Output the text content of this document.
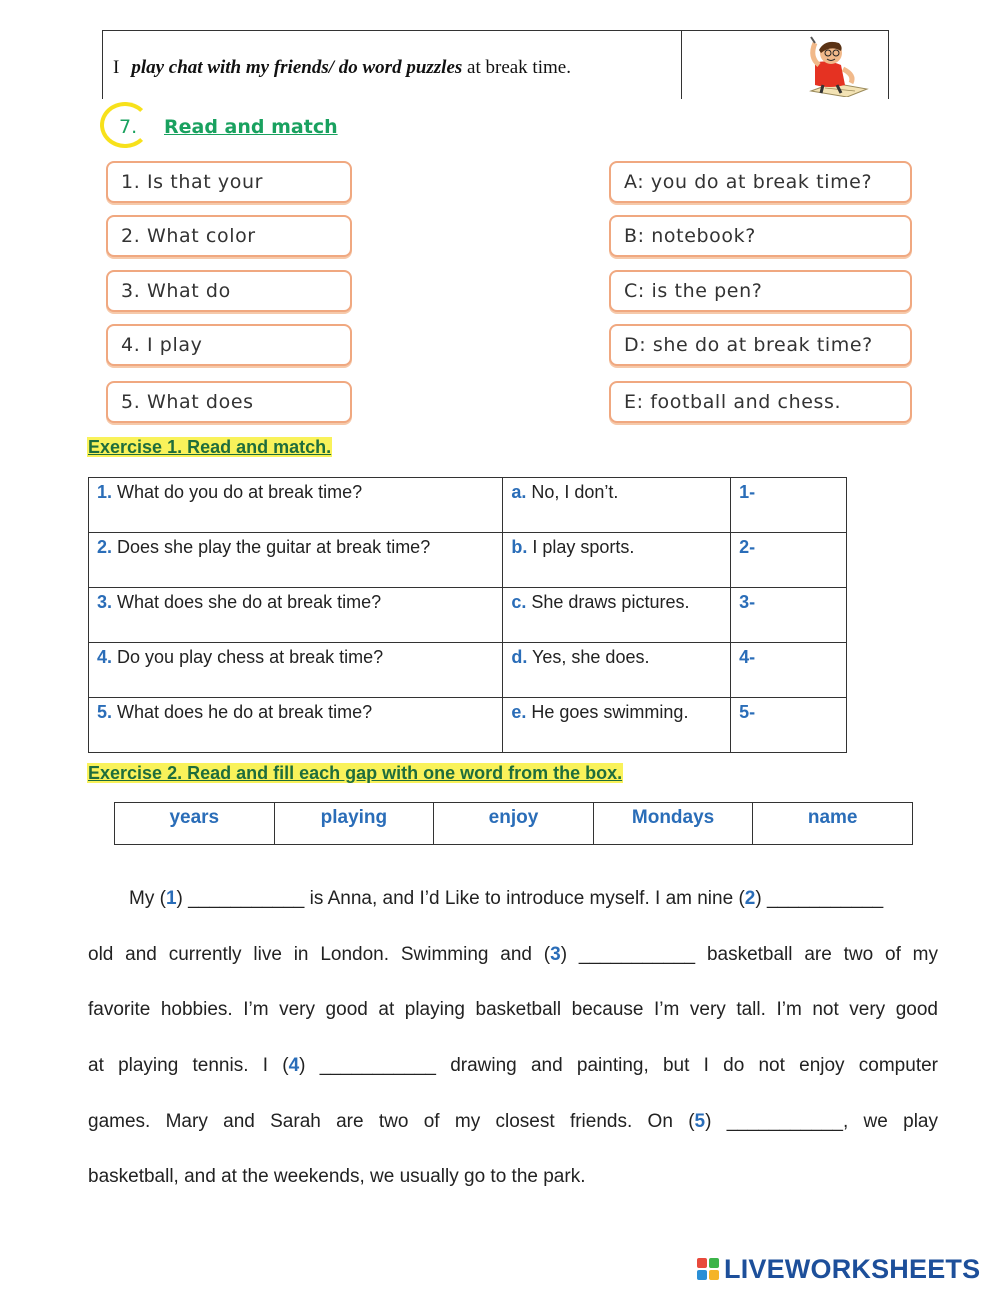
I play chat with my friends/ do word puzzles at break time.
7. Read and match
1. Is that your
2. What color
3. What do
4. I play
5. What does
A: you do at break time?
B: notebook?
C: is the pen?
D: she do at break time?
E: football and chess.
Exercise 1. Read and match.
1. What do you do at break time?	a. No, I don’t.	1-
2. Does she play the guitar at break time?	b. I play sports.	2-
3. What does she do at break time?	c. She draws pictures.	3-
4. Do you play chess at break time?	d. Yes, she does.	4-
5. What does he do at break time?	e. He goes swimming.	5-
Exercise 2. Read and fill each gap with one word from the box.
years	playing	enjoy	Mondays	name
My (1) ___________ is Anna, and I’d Like to introduce myself. I am nine (2) ___________
old and currently live in London. Swimming and (3) ___________ basketball are two of my
favorite hobbies. I’m very good at playing basketball because I’m very tall. I’m not very good
at playing tennis. I (4) ___________ drawing and painting, but I do not enjoy computer
games. Mary and Sarah are two of my closest friends. On (5) ___________, we play
basketball, and at the weekends, we usually go to the park.
LIVEWORKSHEETS
